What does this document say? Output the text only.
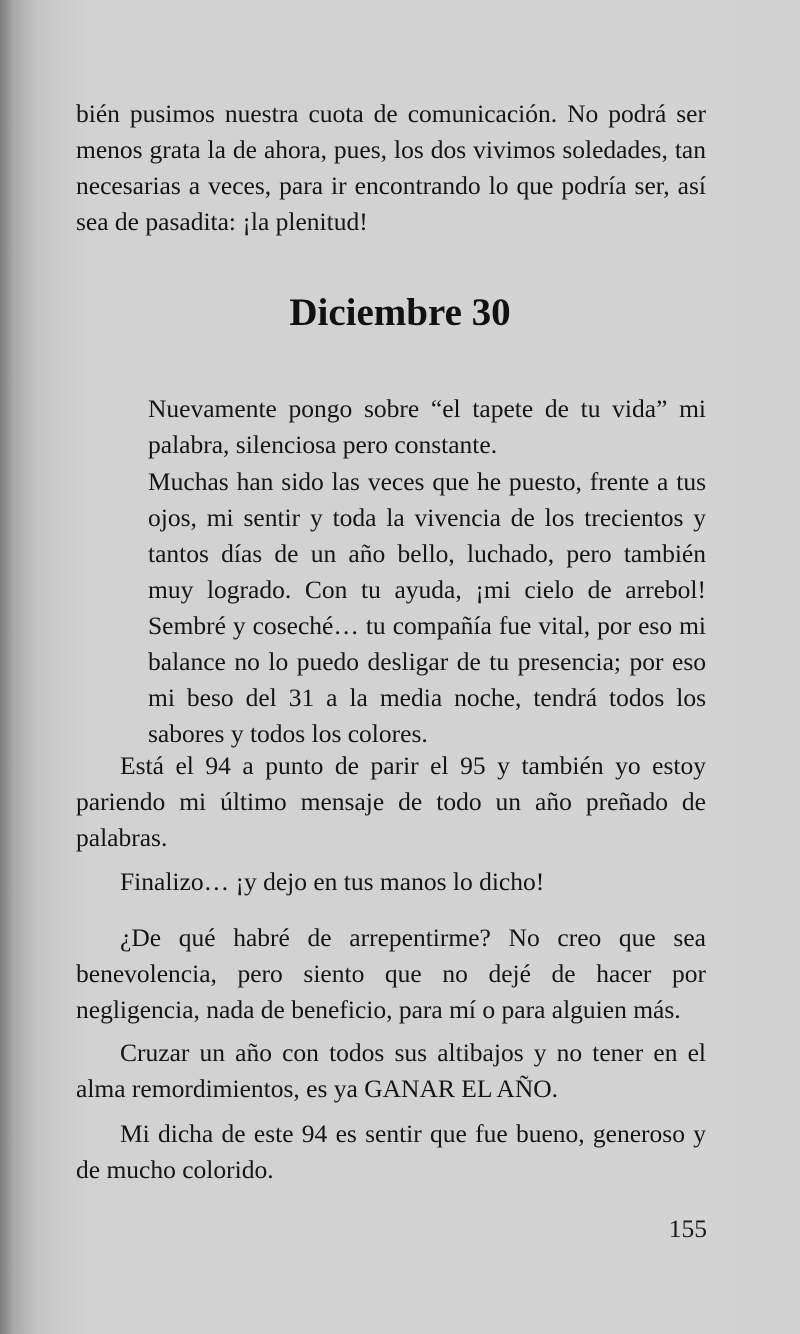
bién pusimos nuestra cuota de comunicación. No podrá ser menos grata la de ahora, pues, los dos vivimos soledades, tan necesarias a veces, para ir encontrando lo que podría ser, así sea de pasadita: ¡la plenitud!

Diciembre 30

Nuevamente pongo sobre “el tapete de tu vida” mi palabra, silenciosa pero constante.

Muchas han sido las veces que he puesto, frente a tus ojos, mi sentir y toda la vivencia de los trecientos y tantos días de un año bello, luchado, pero también muy logrado. Con tu ayuda, ¡mi cielo de arrebol! Sembré y coseché… tu compañía fue vital, por eso mi balance no lo puedo desligar de tu presencia; por eso mi beso del 31 a la media noche, tendrá todos los sabores y todos los colores.

Está el 94 a punto de parir el 95 y también yo estoy pariendo mi último mensaje de todo un año preñado de palabras.

Finalizo… ¡y dejo en tus manos lo dicho!

¿De qué habré de arrepentirme? No creo que sea benevolencia, pero siento que no dejé de hacer por negligencia, nada de beneficio, para mí o para alguien más.

Cruzar un año con todos sus altibajos y no tener en el alma remordimientos, es ya GANAR EL AÑO.

Mi dicha de este 94 es sentir que fue bueno, generoso y de mucho colorido.

155
